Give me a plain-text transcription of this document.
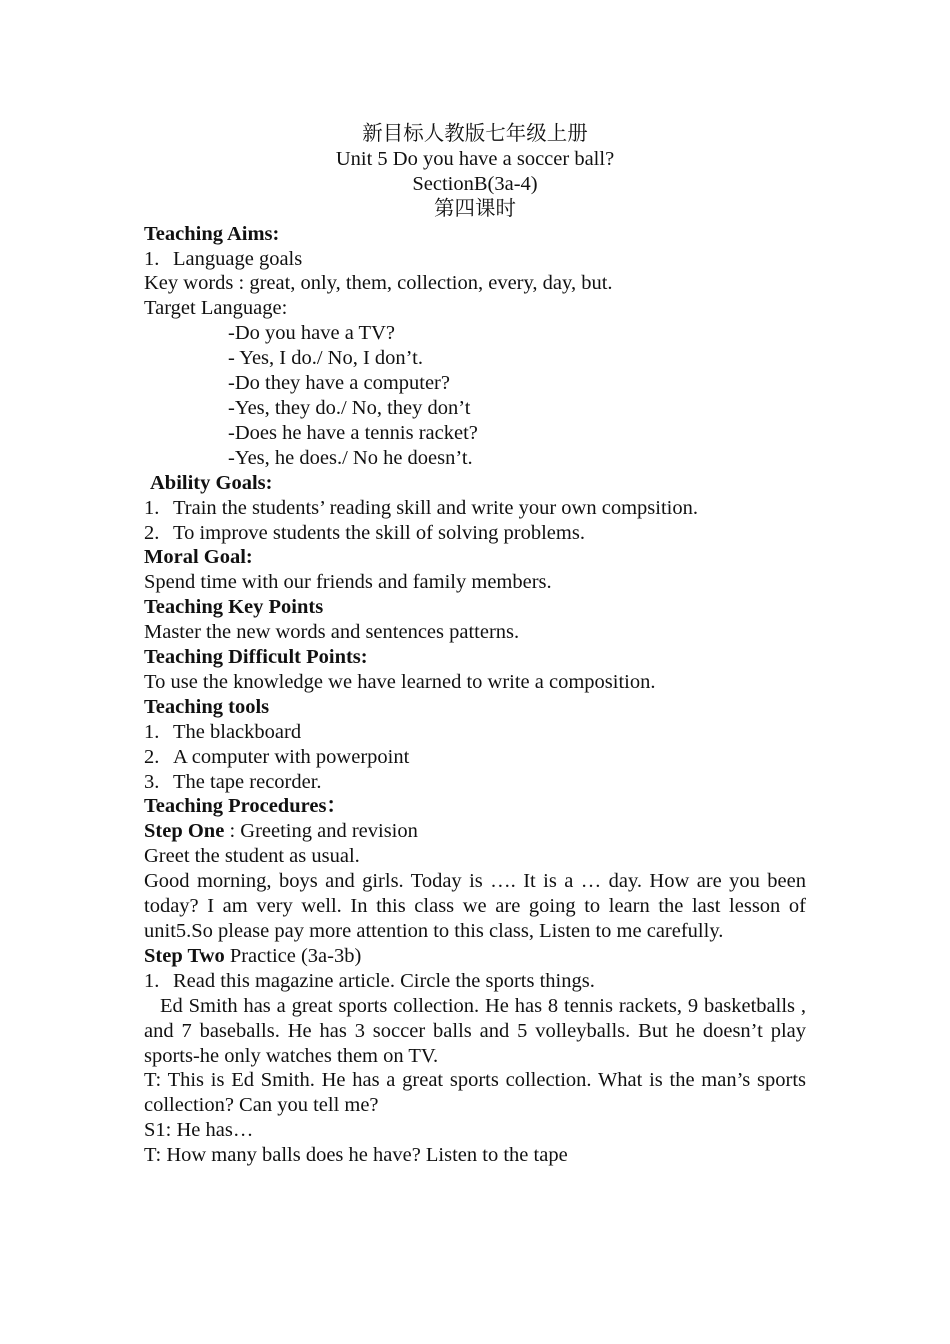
新目标人教版七年级上册
Unit 5 Do you have a soccer ball?
SectionB(3a-4)
第四课时
Teaching Aims:
1. Language goals
Key words : great, only, them, collection, every, day, but.
Target Language:
-Do you have a TV?
- Yes, I do./ No, I don’t.
-Do they have a computer?
-Yes, they do./ No, they don’t
-Does he have a tennis racket?
-Yes, he does./ No he doesn’t.
Ability Goals:
1. Train the students’ reading skill and write your own compsition.
2. To improve students the skill of solving problems.
Moral Goal:
Spend time with our friends and family members.
Teaching Key Points
Master the new words and sentences patterns.
Teaching Difficult Points:
To use the knowledge we have learned to write a composition.
Teaching tools
1. The blackboard
2. A computer with powerpoint
3. The tape recorder.
Teaching Procedures：
Step One : Greeting and revision
Greet the student as usual.
Good morning, boys and girls. Today is …. It is a … day. How are you been today? I am very well. In this class we are going to learn the last lesson of unit5.So please pay more attention to this class, Listen to me carefully.
Step Two Practice (3a-3b)
1. Read this magazine article. Circle the sports things.
Ed Smith has a great sports collection. He has 8 tennis rackets, 9 basketballs , and 7 baseballs. He has 3 soccer balls and 5 volleyballs. But he doesn’t play sports-he only watches them on TV.
T: This is Ed Smith. He has a great sports collection. What is the man’s sports collection? Can you tell me?
S1: He has…
T: How many balls does he have? Listen to the tape
